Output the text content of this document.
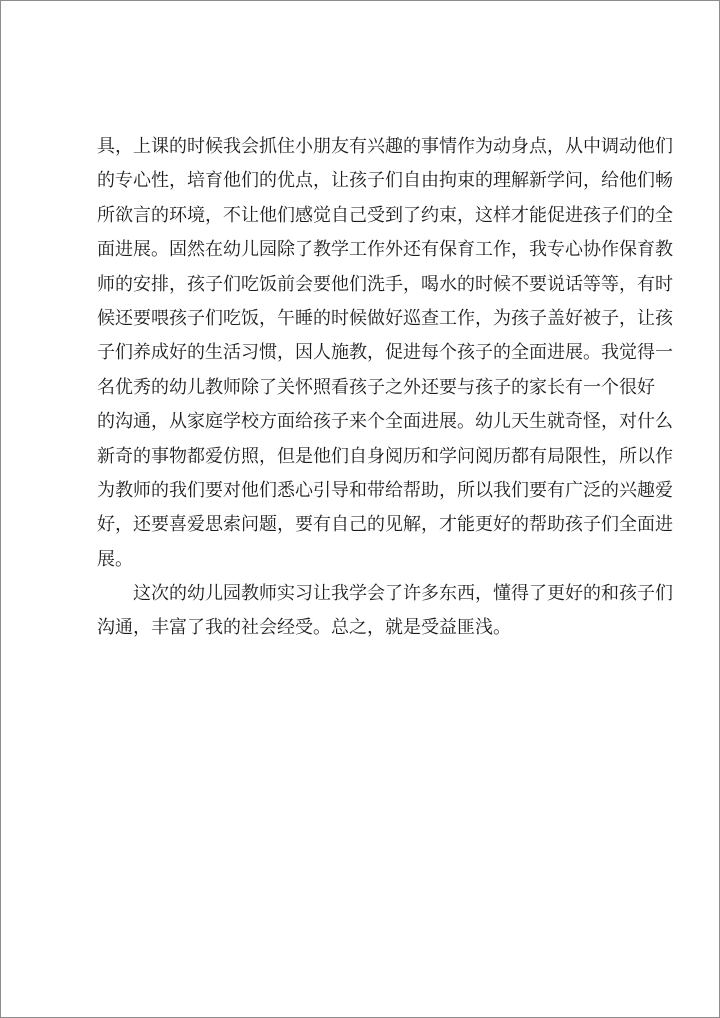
具，上课的时候我会抓住小朋友有兴趣的事情作为动身点，从中调动他们
的专心性，培育他们的优点，让孩子们自由拘束的理解新学问，给他们畅
所欲言的环境，不让他们感觉自己受到了约束，这样才能促进孩子们的全
面进展。固然在幼儿园除了教学工作外还有保育工作，我专心协作保育教
师的安排，孩子们吃饭前会要他们洗手，喝水的时候不要说话等等，有时
候还要喂孩子们吃饭，午睡的时候做好巡查工作，为孩子盖好被子，让孩
子们养成好的生活习惯，因人施教，促进每个孩子的全面进展。我觉得一
名优秀的幼儿教师除了关怀照看孩子之外还要与孩子的家长有一个很好
的沟通，从家庭学校方面给孩子来个全面进展。幼儿天生就奇怪，对什么
新奇的事物都爱仿照，但是他们自身阅历和学问阅历都有局限性，所以作
为教师的我们要对他们悉心引导和带给帮助，所以我们要有广泛的兴趣爱
好，还要喜爱思索问题，要有自己的见解，才能更好的帮助孩子们全面进
展。
这次的幼儿园教师实习让我学会了许多东西，懂得了更好的和孩子们
沟通，丰富了我的社会经受。总之，就是受益匪浅。
